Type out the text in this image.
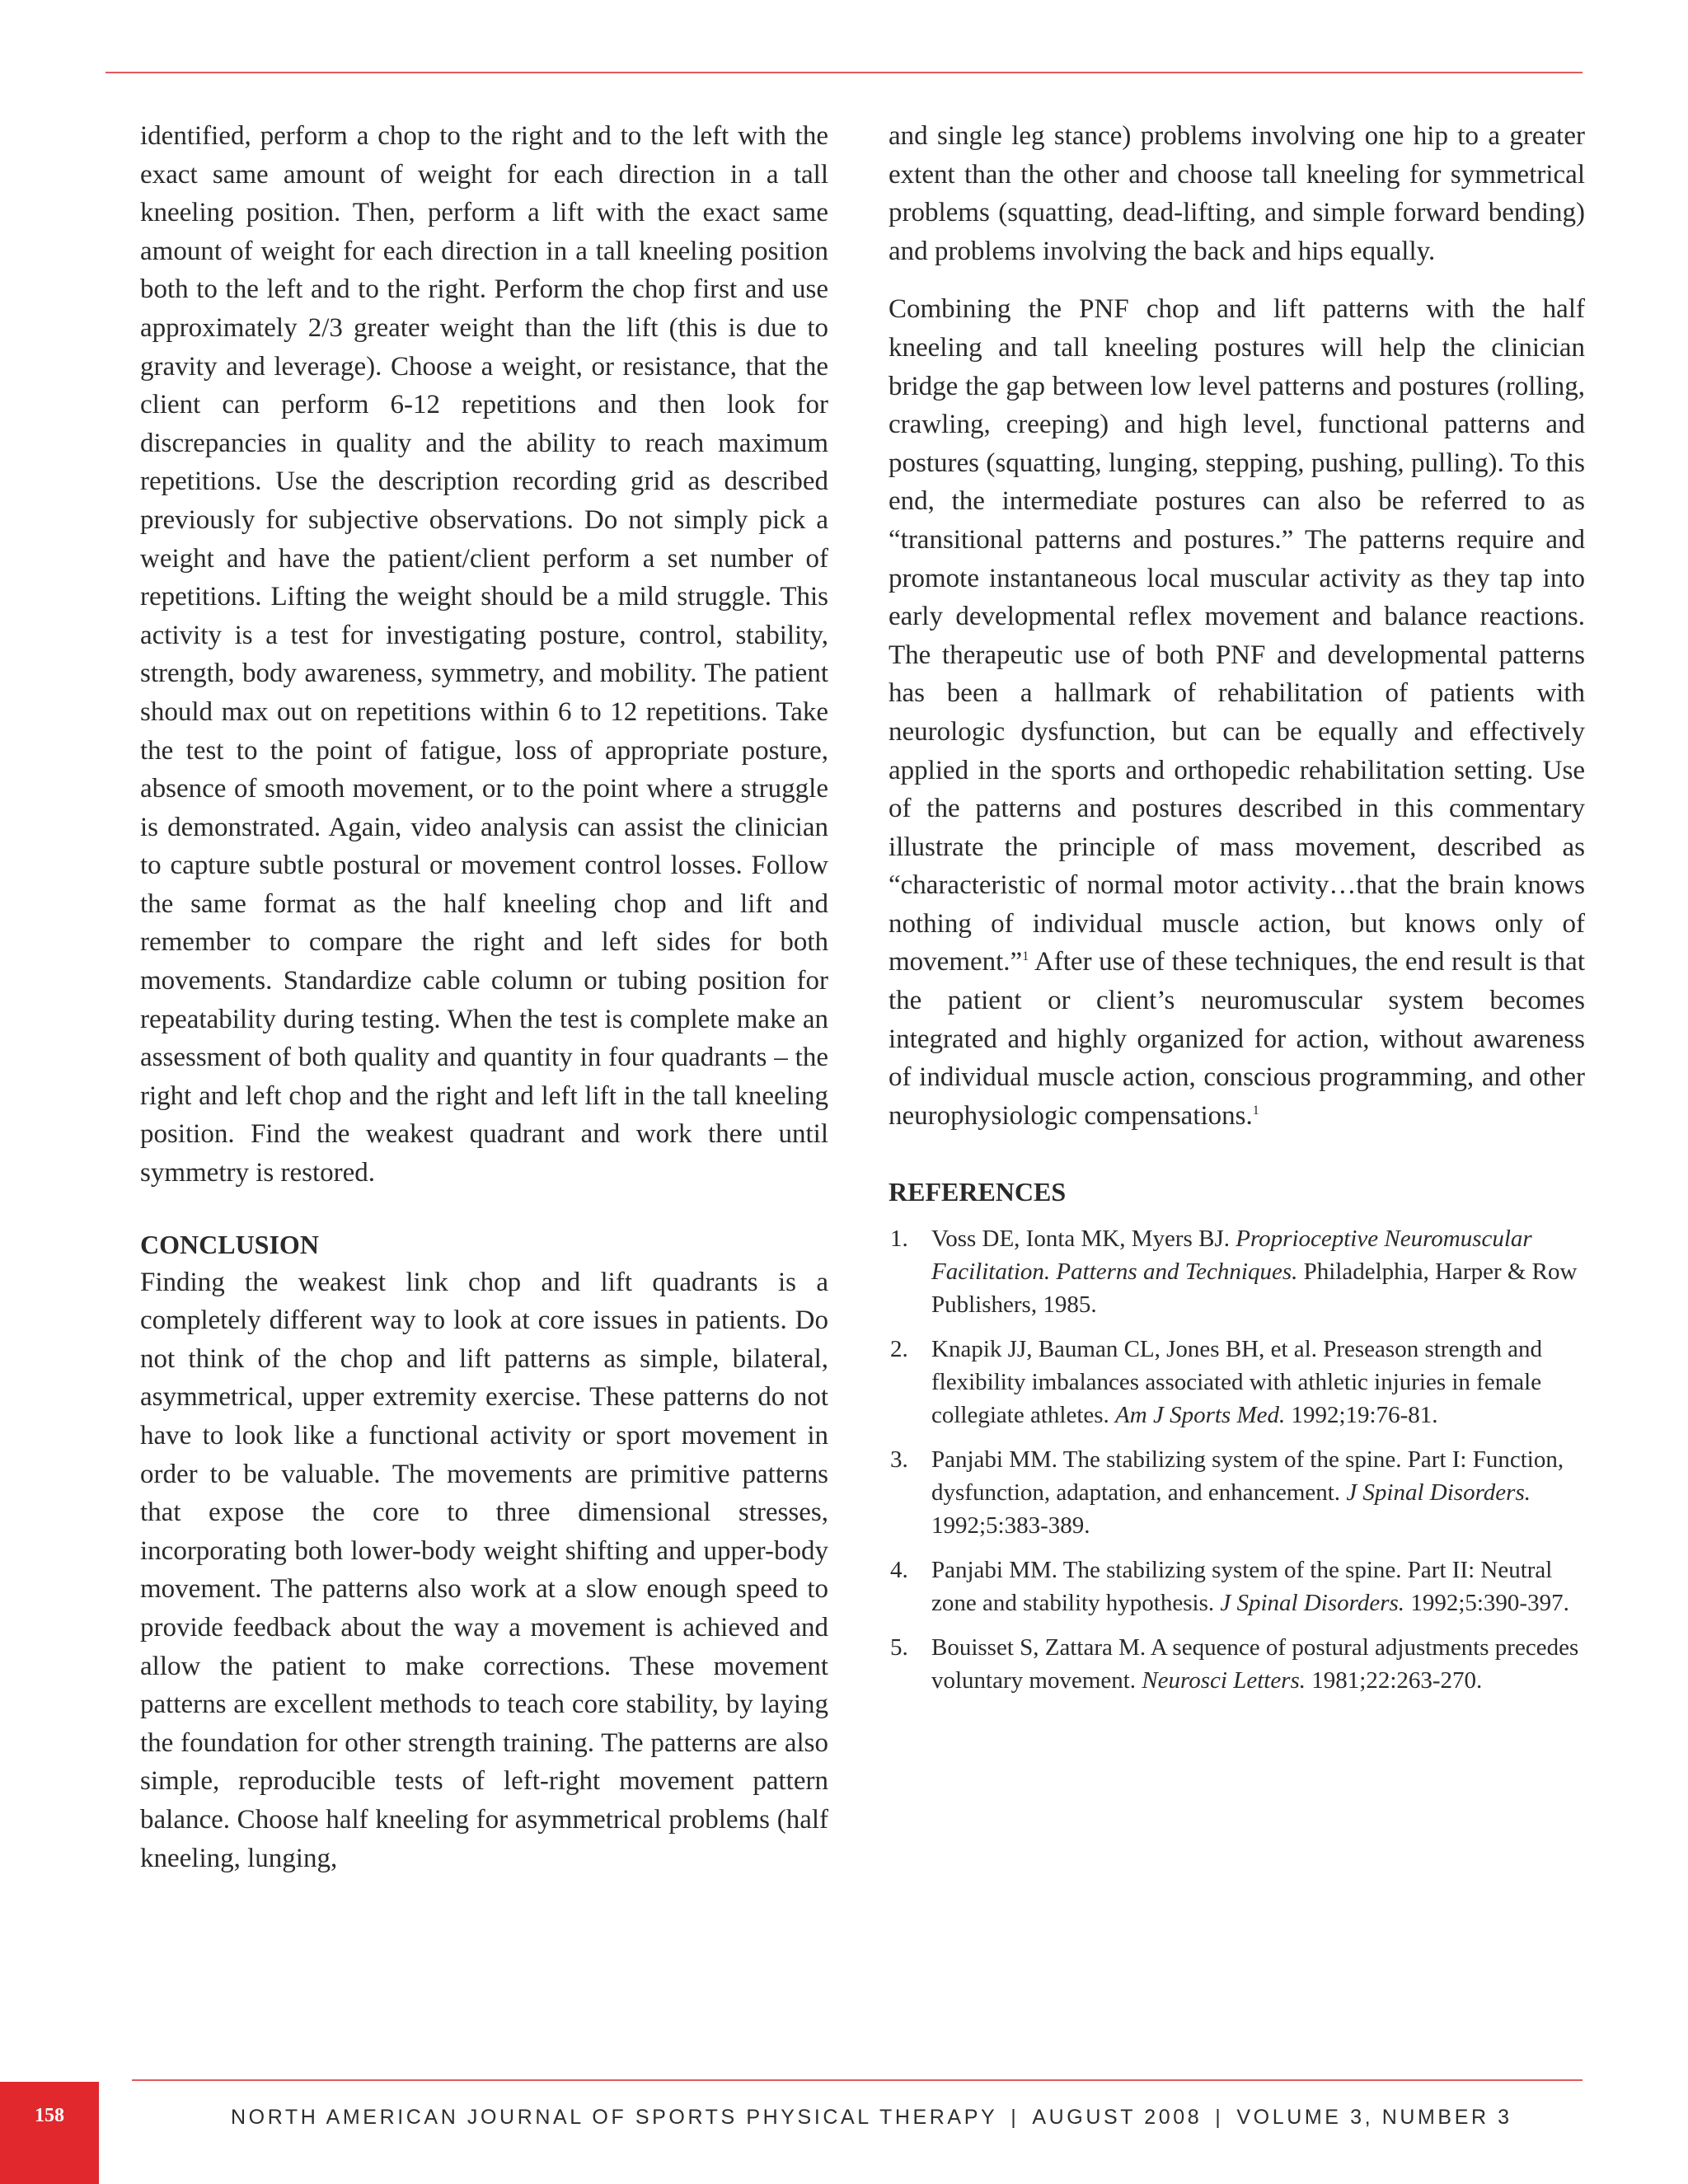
identified, perform a chop to the right and to the left with the exact same amount of weight for each direction in a tall kneeling position. Then, perform a lift with the exact same amount of weight for each direction in a tall kneeling position both to the left and to the right. Perform the chop first and use approximately 2/3 greater weight than the lift (this is due to gravity and leverage). Choose a weight, or resistance, that the client can perform 6-12 repetitions and then look for discrepancies in quality and the ability to reach maximum repetitions. Use the description recording grid as described previously for subjective observations. Do not simply pick a weight and have the patient/client perform a set number of repetitions. Lifting the weight should be a mild struggle. This activity is a test for investigating posture, control, stability, strength, body awareness, symmetry, and mobility. The patient should max out on repetitions within 6 to 12 repetitions. Take the test to the point of fatigue, loss of appropriate posture, absence of smooth movement, or to the point where a struggle is demonstrated. Again, video analysis can assist the clinician to capture subtle postural or movement control losses. Follow the same format as the half kneeling chop and lift and remember to compare the right and left sides for both movements. Standardize cable column or tubing position for repeatability during testing. When the test is complete make an assessment of both quality and quantity in four quadrants – the right and left chop and the right and left lift in the tall kneeling position. Find the weakest quadrant and work there until symmetry is restored.

CONCLUSION

Finding the weakest link chop and lift quadrants is a completely different way to look at core issues in patients. Do not think of the chop and lift patterns as simple, bilateral, asymmetrical, upper extremity exercise. These patterns do not have to look like a functional activity or sport movement in order to be valuable. The movements are primitive patterns that expose the core to three dimensional stresses, incorporating both lower-body weight shifting and upper-body movement. The patterns also work at a slow enough speed to provide feedback about the way a movement is achieved and allow the patient to make corrections. These movement patterns are excellent methods to teach core stability, by laying the foundation for other strength training. The patterns are also simple, reproducible tests of left-right movement pattern balance. Choose half kneeling for asymmetrical problems (half kneeling, lunging,

and single leg stance) problems involving one hip to a greater extent than the other and choose tall kneeling for symmetrical problems (squatting, dead-lifting, and simple forward bending) and problems involving the back and hips equally.

Combining the PNF chop and lift patterns with the half kneeling and tall kneeling postures will help the clinician bridge the gap between low level patterns and postures (rolling, crawling, creeping) and high level, functional patterns and postures (squatting, lunging, stepping, pushing, pulling). To this end, the intermediate postures can also be referred to as “transitional patterns and postures.” The patterns require and promote instantaneous local muscular activity as they tap into early developmental reflex movement and balance reactions. The therapeutic use of both PNF and developmental patterns has been a hallmark of rehabilitation of patients with neurologic dysfunction, but can be equally and effectively applied in the sports and orthopedic rehabilitation setting. Use of the patterns and postures described in this commentary illustrate the principle of mass movement, described as “characteristic of normal motor activity…that the brain knows nothing of individual muscle action, but knows only of movement.”$^1$ After use of these techniques, the end result is that the patient or client’s neuromuscular system becomes integrated and highly organized for action, without awareness of individual muscle action, conscious programming, and other neurophysiologic compensations.$^1$

REFERENCES
1. Voss DE, Ionta MK, Myers BJ. Proprioceptive Neuromuscular Facilitation. Patterns and Techniques. Philadelphia, Harper & Row Publishers, 1985.
2. Knapik JJ, Bauman CL, Jones BH, et al. Preseason strength and flexibility imbalances associated with athletic injuries in female collegiate athletes. Am J Sports Med. 1992;19:76-81.
3. Panjabi MM. The stabilizing system of the spine. Part I: Function, dysfunction, adaptation, and enhancement. J Spinal Disorders. 1992;5:383-389.
4. Panjabi MM. The stabilizing system of the spine. Part II: Neutral zone and stability hypothesis. J Spinal Disorders. 1992;5:390-397.
5. Bouisset S, Zattara M. A sequence of postural adjustments precedes voluntary movement. Neurosci Letters. 1981;22:263-270.
158	NORTH AMERICAN JOURNAL OF SPORTS PHYSICAL THERAPY | AUGUST 2008 | VOLUME 3, NUMBER 3
